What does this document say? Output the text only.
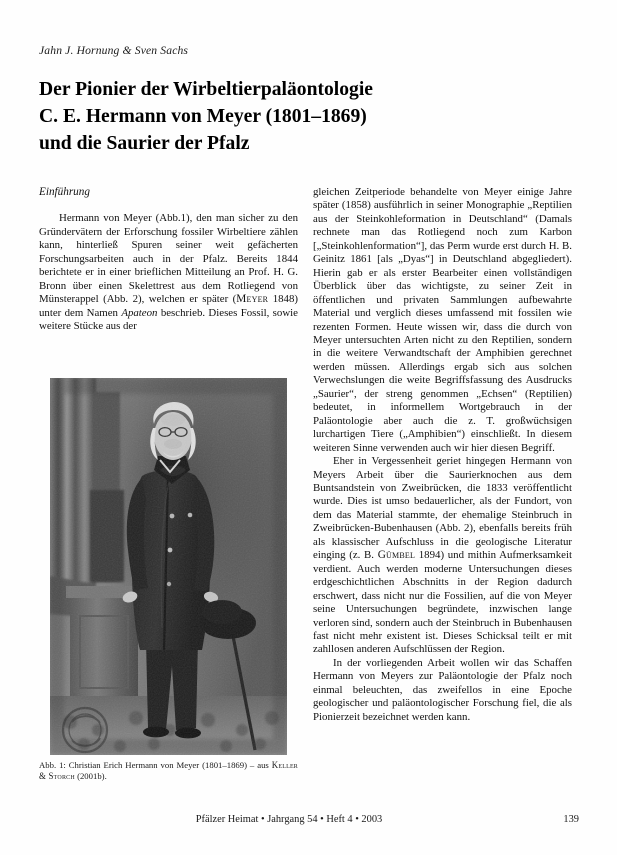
Jahn J. Hornung & Sven Sachs
Der Pionier der Wirbeltierpaläontologie
C. E. Hermann von Meyer (1801–1869)
und die Saurier der Pfalz
Einführung

Hermann von Meyer (Abb.1), den man sicher zu den Gründervätern der Erforschung fossiler Wirbeltiere zählen kann, hinterließ Spuren seiner weit gefächerten Forschungsarbeiten auch in der Pfalz. Bereits 1844 berichtete er in einer brieflichen Mitteilung an Prof. H. G. Bronn über einen Skelettrest aus dem Rotliegend von Münsterappel (Abb. 2), welchen er später (Meyer 1848) unter dem Namen Apateon beschrieb. Dieses Fossil, sowie weitere Stücke aus der

Abb. 1: Christian Erich Hermann von Meyer (1801–1869) – aus Keller & Storch (2001b).

gleichen Zeitperiode behandelte von Meyer einige Jahre später (1858) ausführlich in seiner Monographie „Reptilien aus der Steinkohleformation in Deutschland“ (Damals rechnete man das Rotliegend noch zum Karbon [„Steinkohlenformation“], das Perm wurde erst durch H. B. Geinitz 1861 [als „Dyas“] in Deutschland abgegliedert). Hierin gab er als erster Bearbeiter einen vollständigen Überblick über das wichtigste, zu seiner Zeit in öffentlichen und privaten Sammlungen aufbewahrte Material und verglich dieses umfassend mit fossilen wie rezenten Formen. Heute wissen wir, dass die durch von Meyer untersuchten Arten nicht zu den Reptilien, sondern in die weitere Verwandtschaft der Amphibien gerechnet werden müssen. Allerdings ergab sich aus solchen Verwechslungen die weite Begriffsfassung des Ausdrucks „Saurier“, der streng genommen „Echsen“ (Reptilien) bedeutet, in informellem Wortgebrauch in der Paläontologie aber auch die z. T. großwüchsigen lurchartigen Tiere („Amphibien“) einschließt. In diesem weiteren Sinne verwenden auch wir hier diesen Begriff.

Eher in Vergessenheit geriet hingegen Hermann von Meyers Arbeit über die Saurierknochen aus dem Buntsandstein von Zweibrücken, die 1833 veröffentlicht wurde. Dies ist umso bedauerlicher, als der Fundort, von dem das Material stammte, der ehemalige Steinbruch in Zweibrücken-Bubenhausen (Abb. 2), ebenfalls bereits früh als klassischer Aufschluss in die geologische Literatur einging (z. B. Gümbel 1894) und mithin Aufmerksamkeit verdient. Auch werden moderne Untersuchungen dieses erdgeschichtlichen Abschnitts in der Region dadurch erschwert, dass nicht nur die Fossilien, auf die von Meyer seine Untersuchungen begründete, inzwischen lange verloren sind, sondern auch der Steinbruch in Bubenhausen fast nicht mehr existent ist. Dieses Schicksal teilt er mit zahllosen anderen Aufschlüssen der Region.

In der vorliegenden Arbeit wollen wir das Schaffen Hermann von Meyers zur Paläontologie der Pfalz noch einmal beleuchten, das zweifellos in eine Epoche geologischer und paläontologischer Forschung fiel, die als Pionierzeit bezeichnet werden kann.

Pfälzer Heimat • Jahrgang 54 • Heft 4 • 2003	139
